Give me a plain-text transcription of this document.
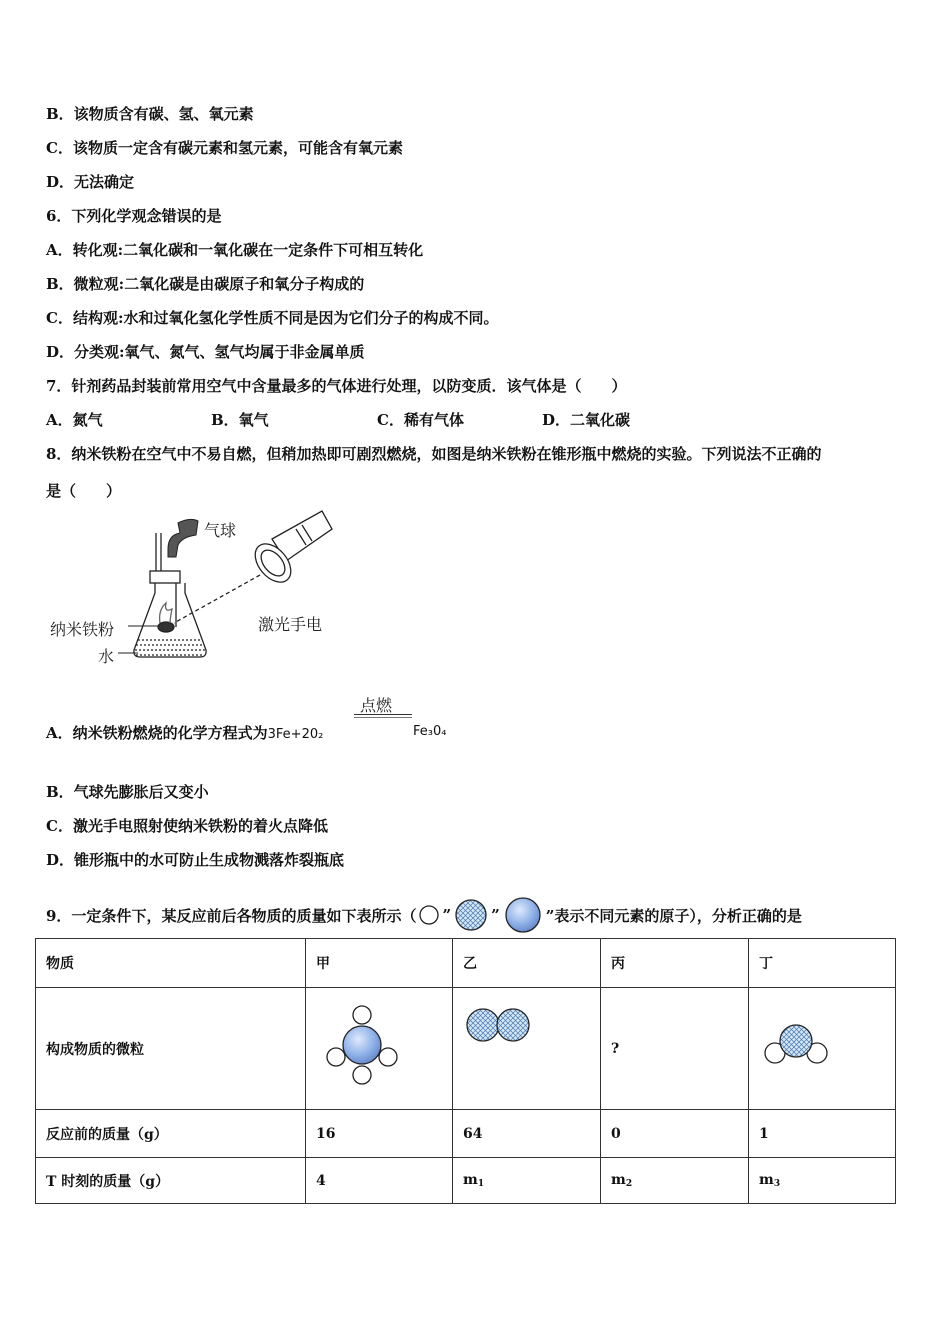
B．该物质含有碳、氢、氧元素
C．该物质一定含有碳元素和氢元素，可能含有氧元素
D．无法确定
6．下列化学观念错误的是
A．转化观:二氧化碳和一氧化碳在一定条件下可相互转化
B．微粒观:二氧化碳是由碳原子和氧分子构成的
C．结构观:水和过氧化氢化学性质不同是因为它们分子的构成不同。
D．分类观:氧气、氮气、氢气均属于非金属单质
7．针剂药品封装前常用空气中含量最多的气体进行处理，以防变质．该气体是（　　）
A．氮气	B．氧气	C．稀有气体	D．二氧化碳
8．纳米铁粉在空气中不易自燃，但稍加热即可剧烈燃烧，如图是纳米铁粉在锥形瓶中燃烧的实验。下列说法不正确的
是（　　）
气球
纳米铁粉
水
激光手电
A．纳米铁粉燃烧的化学方程式为3Fe+20₂
点燃
Fe₃0₄
B．气球先膨胀后又变小
C．激光手电照射使纳米铁粉的着火点降低
D．锥形瓶中的水可防止生成物溅落炸裂瓶底
9．一定条件下，某反应前后各物质的质量如下表所示（ ”	”	”表示不同元素的原子），分析正确的是
物质	甲	乙	丙	丁
构成物质的微粒			?	
反应前的质量（g）	16	64	0	1
T 时刻的质量（g）	4	$m_1$	$m_2$	$m_3$
